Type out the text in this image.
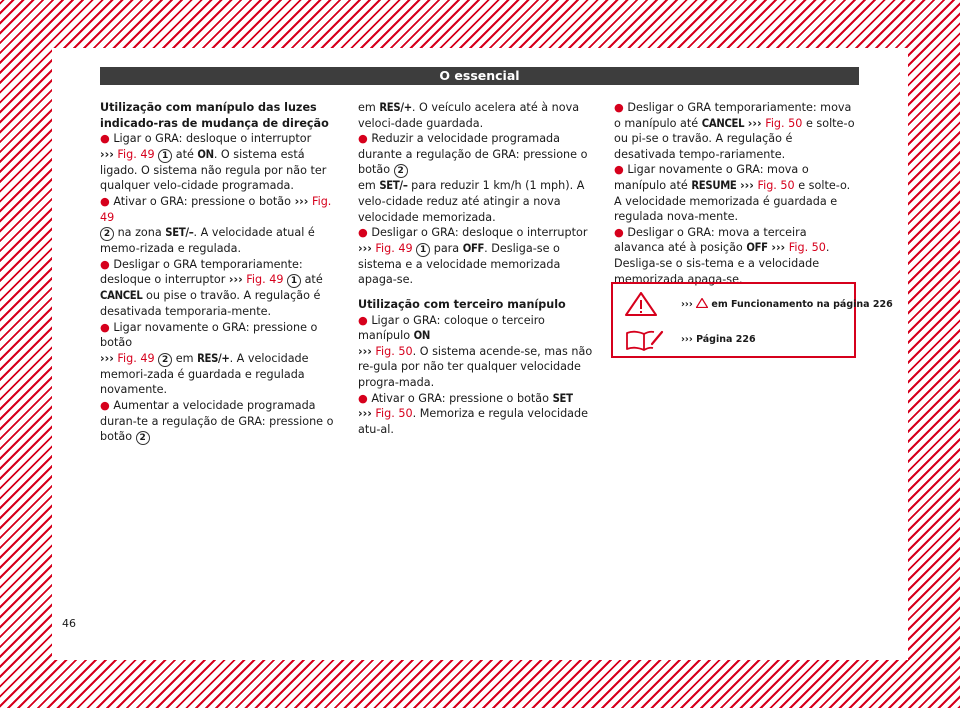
O essencial

Utilização com manípulo das luzes indicado-ras de mudança de direção

● Ligar o GRA: desloque o interruptor
››› Fig. 49 1 até ON. O sistema está ligado. O sistema não regula por não ter qualquer velo-cidade programada.

● Ativar o GRA: pressione o botão ››› Fig. 49
2 na zona SET/–. A velocidade atual é memo-rizada e regulada.

● Desligar o GRA temporariamente: desloque o interruptor ››› Fig. 49 1 até CANCEL ou pise o travão. A regulação é desativada temporaria-mente.

● Ligar novamente o GRA: pressione o botão
››› Fig. 49 2 em RES/+. A velocidade memori-zada é guardada e regulada novamente.

● Aumentar a velocidade programada duran-te a regulação de GRA: pressione o botão 2

em RES/+. O veículo acelera até à nova veloci-dade guardada.

● Reduzir a velocidade programada durante a regulação de GRA: pressione o botão 2
em SET/– para reduzir 1 km/h (1 mph). A velo-cidade reduz até atingir a nova velocidade memorizada.

● Desligar o GRA: desloque o interruptor
››› Fig. 49 1 para OFF. Desliga-se o sistema e a velocidade memorizada apaga-se.

Utilização com terceiro manípulo

● Ligar o GRA: coloque o terceiro manípulo ON
››› Fig. 50. O sistema acende-se, mas não re-gula por não ter qualquer velocidade progra-mada.

● Ativar o GRA: pressione o botão SET
››› Fig. 50. Memoriza e regula velocidade atu-al.

● Desligar o GRA temporariamente: mova o manípulo até CANCEL ››› Fig. 50 e solte-o ou pi-se o travão. A regulação é desativada tempo-rariamente.

● Ligar novamente o GRA: mova o manípulo até RESUME ››› Fig. 50 e solte-o. A velocidade memorizada é guardada e regulada nova-mente.

● Desligar o GRA: mova a terceira alavanca até à posição OFF ››› Fig. 50. Desliga-se o sis-tema e a velocidade memorizada apaga-se.

››› em Funcionamento na página 226
››› Página 226
46
